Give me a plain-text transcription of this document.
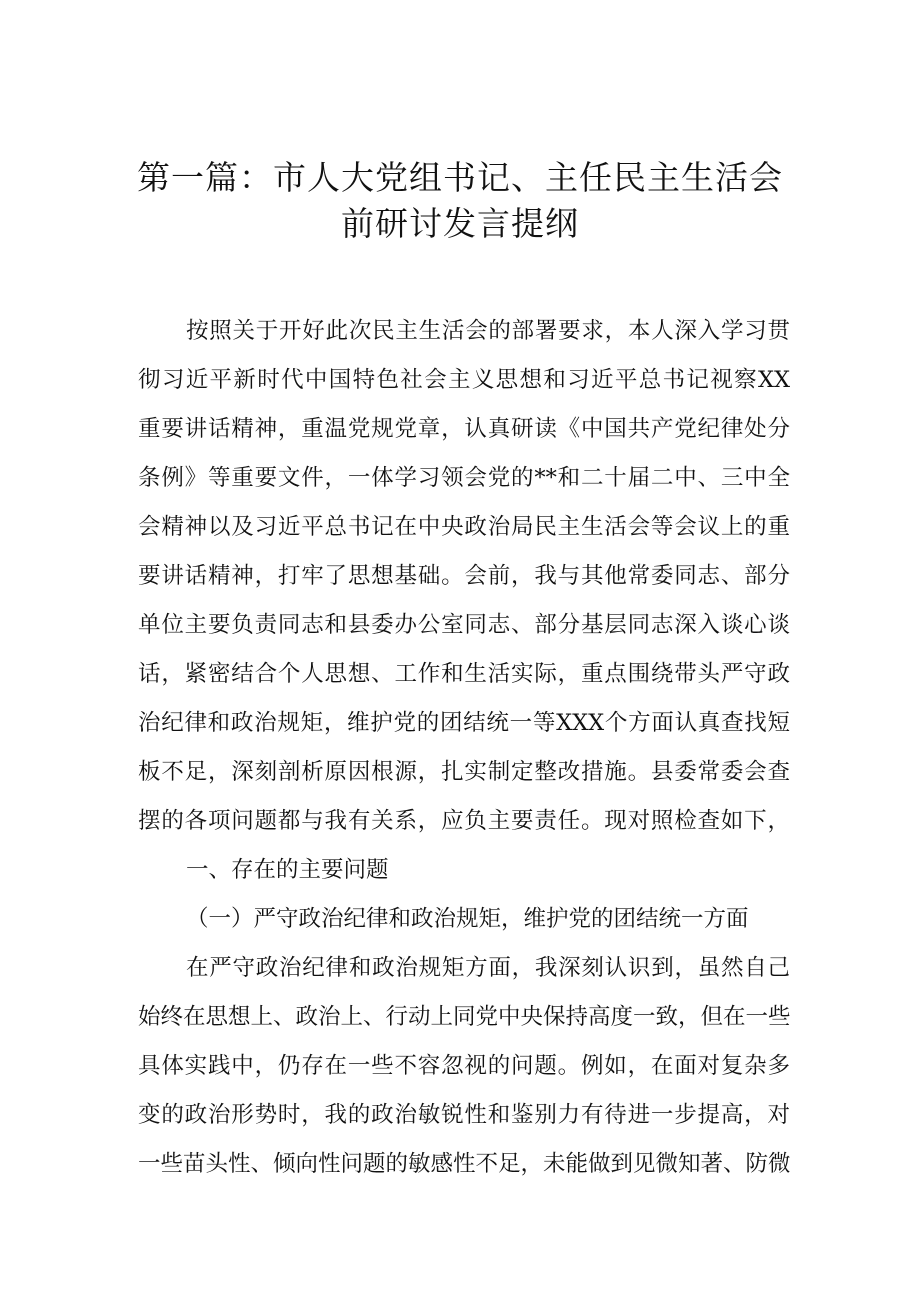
第一篇：市人大党组书记、主任民主生活会
前研讨发言提纲
按照关于开好此次民主生活会的部署要求，本人深入学习贯
彻习近平新时代中国特色社会主义思想和习近平总书记视察XX
重要讲话精神，重温党规党章，认真研读《中国共产党纪律处分
条例》等重要文件，一体学习领会党的**和二十届二中、三中全
会精神以及习近平总书记在中央政治局民主生活会等会议上的重
要讲话精神，打牢了思想基础。会前，我与其他常委同志、部分
单位主要负责同志和县委办公室同志、部分基层同志深入谈心谈
话，紧密结合个人思想、工作和生活实际，重点围绕带头严守政
治纪律和政治规矩，维护党的团结统一等XXX个方面认真查找短
板不足，深刻剖析原因根源，扎实制定整改措施。县委常委会查
摆的各项问题都与我有关系，应负主要责任。现对照检查如下，
一、存在的主要问题
（一）严守政治纪律和政治规矩，维护党的团结统一方面
在严守政治纪律和政治规矩方面，我深刻认识到，虽然自己
始终在思想上、政治上、行动上同党中央保持高度一致，但在一些
具体实践中，仍存在一些不容忽视的问题。例如，在面对复杂多
变的政治形势时，我的政治敏锐性和鉴别力有待进一步提高，对
一些苗头性、倾向性问题的敏感性不足，未能做到见微知著、防微
